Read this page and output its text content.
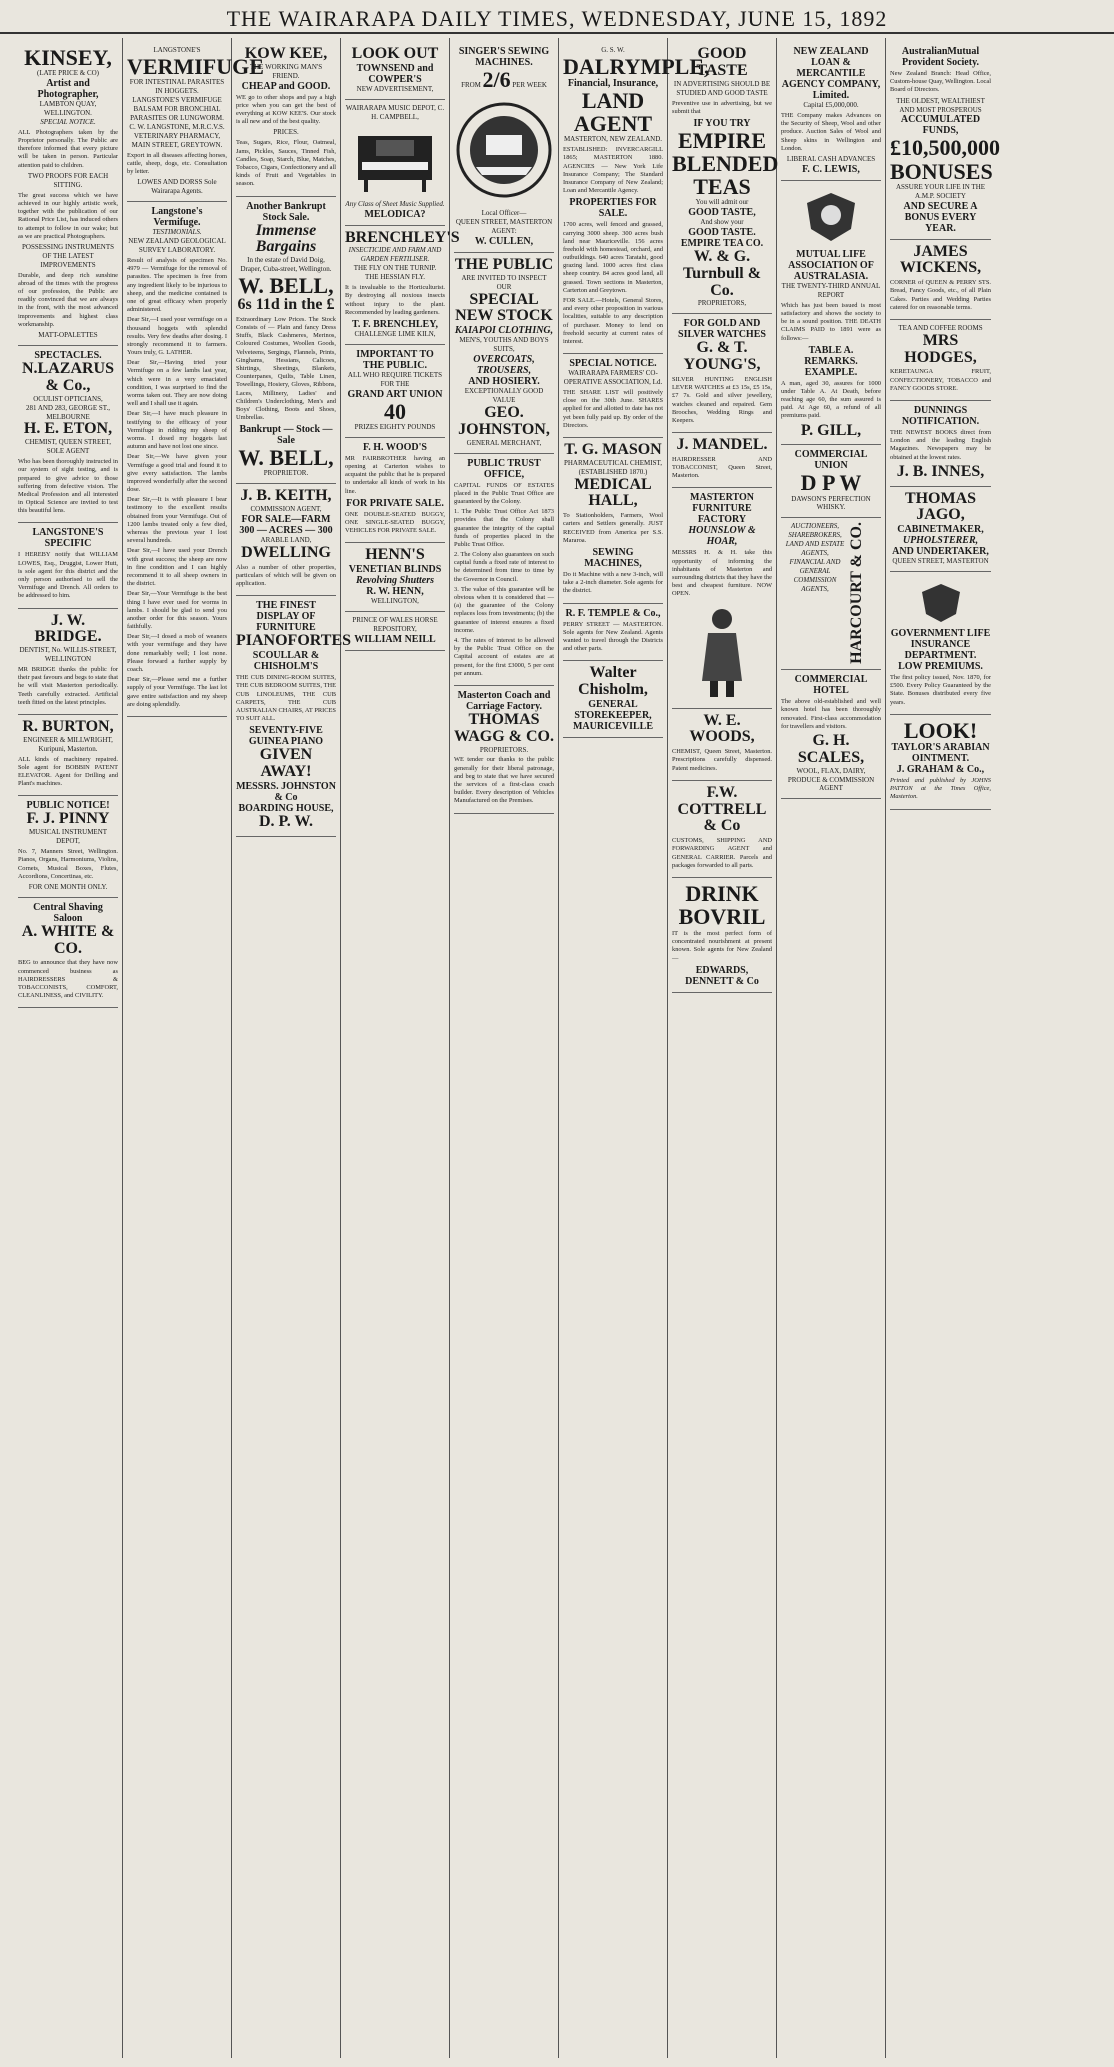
THE WAIRARAPA DAILY TIMES, WEDNESDAY, JUNE 15, 1892
KINSEY,
(LATE PRICE & CO)
Artist and Photographer,
LAMBTON QUAY, WELLINGTON.
SPECIAL NOTICE.
ALL Photographers taken by the Proprietor personally. The Public are therefore informed that every picture will be taken in person. Particular attention paid to children.
TWO PROOFS FOR EACH SITTING.
The great success which we have achieved in our highly artistic work, together with the publication of our Rational Price List, has induced others to attempt to follow in our wake; but as we are practical Photographers.
POSSESSING INSTRUMENTS OF THE LATEST IMPROVEMENTS
Durable, and deep rich sunshine abroad of the times with the progress of our profession, the Public are readily convinced that we are always in the front, with the most advanced improvements and highest class workmanship.
MATT-OPALETTES
SPECTACLES.
N.LAZARUS & Co.,
OCULIST OPTICIANS,
281 AND 283, GEORGE ST., MELBOURNE
H. E. ETON,
CHEMIST, QUEEN STREET, SOLE AGENT
Who has been thoroughly instructed in our system of sight testing, and is prepared to give advice to those suffering from defective vision. The Medical Profession and all interested in Optical Science are invited to test this beautiful lens.
LANGSTONE'S SPECIFIC
I HEREBY notify that WILLIAM LOWES, Esq., Druggist, Lower Hutt, is sole agent for this district and the only person authorised to sell the Vermifuge and Drench. All orders to be addressed to him.
J. W. BRIDGE.
DENTIST, No. WILLIS-STREET, WELLINGTON
MR BRIDGE thanks the public for their past favours and begs to state that he will visit Masterton periodically. Teeth carefully extracted. Artificial teeth fitted on the latest principles.
R. BURTON,
ENGINEER & MILLWRIGHT, Kuripuni, Masterton.
ALL kinds of machinery repaired. Sole agent for BOBBIN PATENT ELEVATOR. Agent for Drilling and Plant's machines.
PUBLIC NOTICE!
F. J. PINNY
MUSICAL INSTRUMENT DEPOT,
No. 7, Manners Street, Wellington. Pianos, Organs, Harmoniums, Violins, Cornets, Musical Boxes, Flutes, Accordions, Concertinas, etc.
FOR ONE MONTH ONLY.
Central Shaving Saloon
A. WHITE & CO.
BEG to announce that they have now commenced business as HAIRDRESSERS & TOBACCONISTS, COMFORT, CLEANLINESS, and CIVILITY.
LANGSTONE'S
VERMIFUGE
FOR INTESTINAL PARASITES IN HOGGETS.
LANGSTONE'S VERMIFUGE BALSAM FOR BRONCHIAL PARASITES OR LUNGWORM.
C. W. LANGSTONE, M.R.C.V.S. VETERINARY PHARMACY, MAIN STREET, GREYTOWN.
Export in all diseases affecting horses, cattle, sheep, dogs, etc. Consultation by letter.
LOWES AND DORSS Sole Wairarapa Agents.
Langstone's Vermifuge.
TESTIMONIALS.
NEW ZEALAND GEOLOGICAL SURVEY LABORATORY.
Result of analysis of specimen No. 4979 — Vermifuge for the removal of parasites. The specimen is free from any ingredient likely to be injurious to sheep, and the medicine contained is one of great efficacy when properly administered.
Dear Sir,—I used your vermifuge on a thousand hoggets with splendid results. Very few deaths after dosing. I strongly recommend it to farmers. Yours truly, G. LATHER.
Dear Sir,—Having tried your Vermifuge on a few lambs last year, which were in a very emaciated condition, I was surprised to find the worms taken out. They are now doing well and I shall use it again.
Dear Sir,—I have much pleasure in testifying to the efficacy of your Vermifuge in ridding my sheep of worms. I dosed my hoggets last autumn and have not lost one since.
Dear Sir,—We have given your Vermifuge a good trial and found it to give every satisfaction. The lambs improved wonderfully after the second dose.
Dear Sir,—It is with pleasure I bear testimony to the excellent results obtained from your Vermifuge. Out of 1200 lambs treated only a few died, whereas the previous year I lost several hundreds.
Dear Sir,—I have used your Drench with great success; the sheep are now in fine condition and I can highly recommend it to all sheep owners in the district.
Dear Sir,—Your Vermifuge is the best thing I have ever used for worms in lambs. I should be glad to send you another order for this season. Yours faithfully.
Dear Sir,—I dosed a mob of weaners with your vermifuge and they have done remarkably well; I lost none. Please forward a further supply by coach.
Dear Sir,—Please send me a further supply of your Vermifuge. The last lot gave entire satisfaction and my sheep are doing splendidly.
KOW KEE,
THE WORKING MAN'S FRIEND.
CHEAP and GOOD.
WE go to other shops and pay a high price when you can get the best of everything at KOW KEE'S. Our stock is all new and of the best quality.
PRICES.
Teas, Sugars, Rice, Flour, Oatmeal, Jams, Pickles, Sauces, Tinned Fish, Candles, Soap, Starch, Blue, Matches, Tobacco, Cigars, Confectionery and all kinds of Fruit and Vegetables in season.
Another Bankrupt Stock Sale.
Immense Bargains
In the estate of David Doig, Draper, Cuba-street, Wellington.
W. BELL,
6s 11d in the £
Extraordinary Low Prices. The Stock Consists of — Plain and fancy Dress Stuffs, Black Cashmeres, Merinos, Coloured Costumes, Woollen Goods, Velveteens, Sergings, Flannels, Prints, Ginghams, Hessians, Calicoes, Shirtings, Sheetings, Blankets, Counterpanes, Quilts, Table Linen, Towellings, Hosiery, Gloves, Ribbons, Laces, Millinery, Ladies' and Children's Underclothing, Men's and Boys' Clothing, Boots and Shoes, Umbrellas.
Bankrupt — Stock — Sale
W. BELL,
PROPRIETOR.
J. B. KEITH,
COMMISSION AGENT,
FOR SALE—FARM
300 — ACRES — 300
ARABLE LAND,
DWELLING
Also a number of other properties, particulars of which will be given on application.
THE FINEST DISPLAY OF FURNITURE
PIANOFORTES
SCOULLAR & CHISHOLM'S
THE CUB DINING-ROOM SUITES, THE CUB BEDROOM SUITES, THE CUB LINOLEUMS, THE CUB CARPETS, THE CUB AUSTRALIAN CHAIRS, AT PRICES TO SUIT ALL.
SEVENTY-FIVE GUINEA PIANO
GIVEN AWAY!
MESSRS. JOHNSTON & Co
BOARDING HOUSE,
D. P. W.
LOOK OUT
TOWNSEND and COWPER'S
NEW ADVERTISEMENT,
WAIRARAPA MUSIC DEPOT, C. H. CAMPBELL,
Any Class of Sheet Music Supplied.
MELODICA?
BRENCHLEY'S
INSECTICIDE AND FARM AND GARDEN FERTILISER.
THE FLY ON THE TURNIP.
THE HESSIAN FLY.
It is invaluable to the Horticulturist. By destroying all noxious insects without injury to the plant. Recommended by leading gardeners.
T. F. BRENCHLEY,
CHALLENGE LIME KILN,
IMPORTANT TO THE PUBLIC.
ALL WHO REQUIRE TICKETS FOR THE
GRAND ART UNION
40
PRIZES EIGHTY POUNDS
F. H. WOOD'S
MR FAIRBROTHER having an opening at Carterton wishes to acquaint the public that he is prepared to undertake all kinds of work in his line.
FOR PRIVATE SALE.
ONE DOUBLE-SEATED BUGGY, ONE SINGLE-SEATED BUGGY, VEHICLES FOR PRIVATE SALE.
HENN'S
VENETIAN BLINDS
Revolving Shutters
R. W. HENN,
WELLINGTON,
PRINCE OF WALES HORSE REPOSITORY,
WILLIAM NEILL
SINGER'S SEWING MACHINES.
FROM 2/6 PER WEEK
Local Officer—
QUEEN STREET, MASTERTON
AGENT:
W. CULLEN,
THE PUBLIC
ARE INVITED TO INSPECT OUR
SPECIAL NEW STOCK
KAIAPOI CLOTHING,
MEN'S, YOUTHS AND BOYS SUITS,
OVERCOATS,
TROUSERS,
AND HOSIERY.
EXCEPTIONALLY GOOD VALUE
GEO. JOHNSTON,
GENERAL MERCHANT,
PUBLIC TRUST OFFICE,
CAPITAL FUNDS OF ESTATES placed in the Public Trust Office are guaranteed by the Colony.
1. The Public Trust Office Act 1873 provides that the Colony shall guarantee the integrity of the capital funds of properties placed in the Public Trust Office.
2. The Colony also guarantees on such capital funds a fixed rate of interest to be determined from time to time by the Governor in Council.
3. The value of this guarantee will be obvious when it is considered that — (a) the guarantee of the Colony replaces loss from investments; (b) the guarantee of interest ensures a fixed income.
4. The rates of interest to be allowed by the Public Trust Office on the Capital account of estates are at present, for the first £3000, 5 per cent per annum.
Masterton Coach and Carriage Factory.
THOMAS WAGG & CO.
PROPRIETORS.
WE tender our thanks to the public generally for their liberal patronage, and beg to state that we have secured the services of a first-class coach builder. Every description of Vehicles Manufactured on the Premises.
G. S. W.
DALRYMPLE,
Financial, Insurance,
LAND AGENT
MASTERTON, NEW ZEALAND.
ESTABLISHED: INVERCARGILL 1865; MASTERTON 1880. AGENCIES — New York Life Insurance Company; The Standard Insurance Company of New Zealand; Loan and Mercantile Agency.
PROPERTIES FOR SALE.
1700 acres, well fenced and grassed, carrying 3000 sheep. 300 acres bush land near Mauriceville. 156 acres freehold with homestead, orchard, and outbuildings. 640 acres Taratahi, good grazing land. 1000 acres first class sheep country. 84 acres good land, all grassed. Town sections in Masterton, Carterton and Greytown.
FOR SALE.—Hotels, General Stores, and every other proposition in various localities, suitable to any description of purchaser. Money to lend on freehold security at current rates of interest.
SPECIAL NOTICE.
WAIRARAPA FARMERS' CO-OPERATIVE ASSOCIATION, Ld.
THE SHARE LIST will positively close on the 30th June. SHARES applied for and allotted to date has not yet been fully paid up. By order of the Directors.
T. G. MASON
PHARMACEUTICAL CHEMIST, (ESTABLISHED 1870.)
MEDICAL HALL,
To Stationholders, Farmers, Wool carters and Settlers generally. JUST RECEIVED from America per S.S. Mararoa.
SEWING MACHINES,
Do it Machine with a new 3-inch, will take a 2-inch diameter. Sole agents for the district.
R. F. TEMPLE & Co.,
PERRY STREET — MASTERTON. Sole agents for New Zealand. Agents wanted to travel through the Districts and other parts.
Walter Chisholm,
GENERAL STOREKEEPER,
MAURICEVILLE
GOOD TASTE
IN ADVERTISING SHOULD BE STUDIED AND GOOD TASTE
Preventive use in advertising, but we submit that
IF YOU TRY
EMPIRE
BLENDED
TEAS
You will admit our
GOOD TASTE,
And show your
GOOD TASTE.
EMPIRE TEA CO.
W. & G. Turnbull & Co.
PROPRIETORS,
FOR GOLD AND SILVER WATCHES
G. & T. YOUNG'S,
SILVER HUNTING ENGLISH LEVER WATCHES at £3 15s, £5 15s, £7 7s. Gold and silver jewellery, watches cleaned and repaired. Gem Brooches, Wedding Rings and Keepers.
J. MANDEL.
HAIRDRESSER AND TOBACCONIST, Queen Street, Masterton.
MASTERTON FURNITURE FACTORY
HOUNSLOW & HOAR,
MESSRS H. & H. take this opportunity of informing the inhabitants of Masterton and surrounding districts that they have the best and cheapest furniture. NOW OPEN.
W. E. WOODS,
CHEMIST, Queen Street, Masterton. Prescriptions carefully dispensed. Patent medicines.
F.W. COTTRELL & Co
CUSTOMS, SHIPPING AND FORWARDING AGENT and GENERAL CARRIER. Parcels and packages forwarded to all parts.
DRINK BOVRIL
IT is the most perfect form of concentrated nourishment at present known. Sole agents for New Zealand—
EDWARDS, DENNETT & Co
NEW ZEALAND LOAN & MERCANTILE AGENCY COMPANY, Limited.
Capital £5,000,000.
THE Company makes Advances on the Security of Sheep, Wool and other produce. Auction Sales of Wool and Sheep skins in Wellington and London.
LIBERAL CASH ADVANCES
F. C. LEWIS,
MUTUAL LIFE ASSOCIATION OF AUSTRALASIA.
THE TWENTY-THIRD ANNUAL REPORT
Which has just been issued is most satisfactory and shows the society to be in a sound position. THE DEATH CLAIMS PAID to 1891 were as follows:—
TABLE A.
REMARKS.
EXAMPLE.
A man, aged 30, assures for 1000 under Table A. At Death, before reaching age 60, the sum assured is paid. At Age 60, a refund of all premiums paid.
P. GILL,
COMMERCIAL UNION
D P W
DAWSON'S PERFECTION WHISKY.
AUCTIONEERS,
SHAREBROKERS,
LAND AND ESTATE AGENTS,
FINANCIAL AND GENERAL
COMMISSION AGENTS,	HARCOURT & CO.
COMMERCIAL HOTEL
The above old-established and well known hotel has been thoroughly renovated. First-class accommodation for travellers and visitors.
G. H. SCALES,
WOOL, FLAX, DAIRY, PRODUCE & COMMISSION AGENT
AustralianMutual Provident Society.
New Zealand Branch: Head Office, Custom-house Quay, Wellington. Local Board of Directors.
THE OLDEST, WEALTHIEST AND MOST PROSPEROUS
ACCUMULATED FUNDS,
£10,500,000
BONUSES
ASSURE YOUR LIFE IN THE A.M.P. SOCIETY
AND SECURE A BONUS EVERY YEAR.
JAMES WICKENS,
CORNER of QUEEN & PERRY STS. Bread, Fancy Goods, etc., of all Plain Cakes. Parties and Wedding Parties catered for on reasonable terms.
TEA AND COFFEE ROOMS
MRS HODGES,
KERETAUNGA FRUIT, CONFECTIONERY, TOBACCO and FANCY GOODS STORE.
DUNNINGS NOTIFICATION.
THE NEWEST BOOKS direct from London and the leading English Magazines. Newspapers may be obtained at the lowest rates.
J. B. INNES,
THOMAS JAGO,
CABINETMAKER,
UPHOLSTERER,
AND UNDERTAKER,
QUEEN STREET, MASTERTON
GOVERNMENT LIFE INSURANCE DEPARTMENT.
LOW PREMIUMS.
The first policy issued, Nov. 1870, for £500. Every Policy Guaranteed by the State. Bonuses distributed every five years.
LOOK!
TAYLOR'S ARABIAN OINTMENT.
J. GRAHAM & Co.,
Printed and published by JOHNS PATTON at the Times Office, Masterton.
